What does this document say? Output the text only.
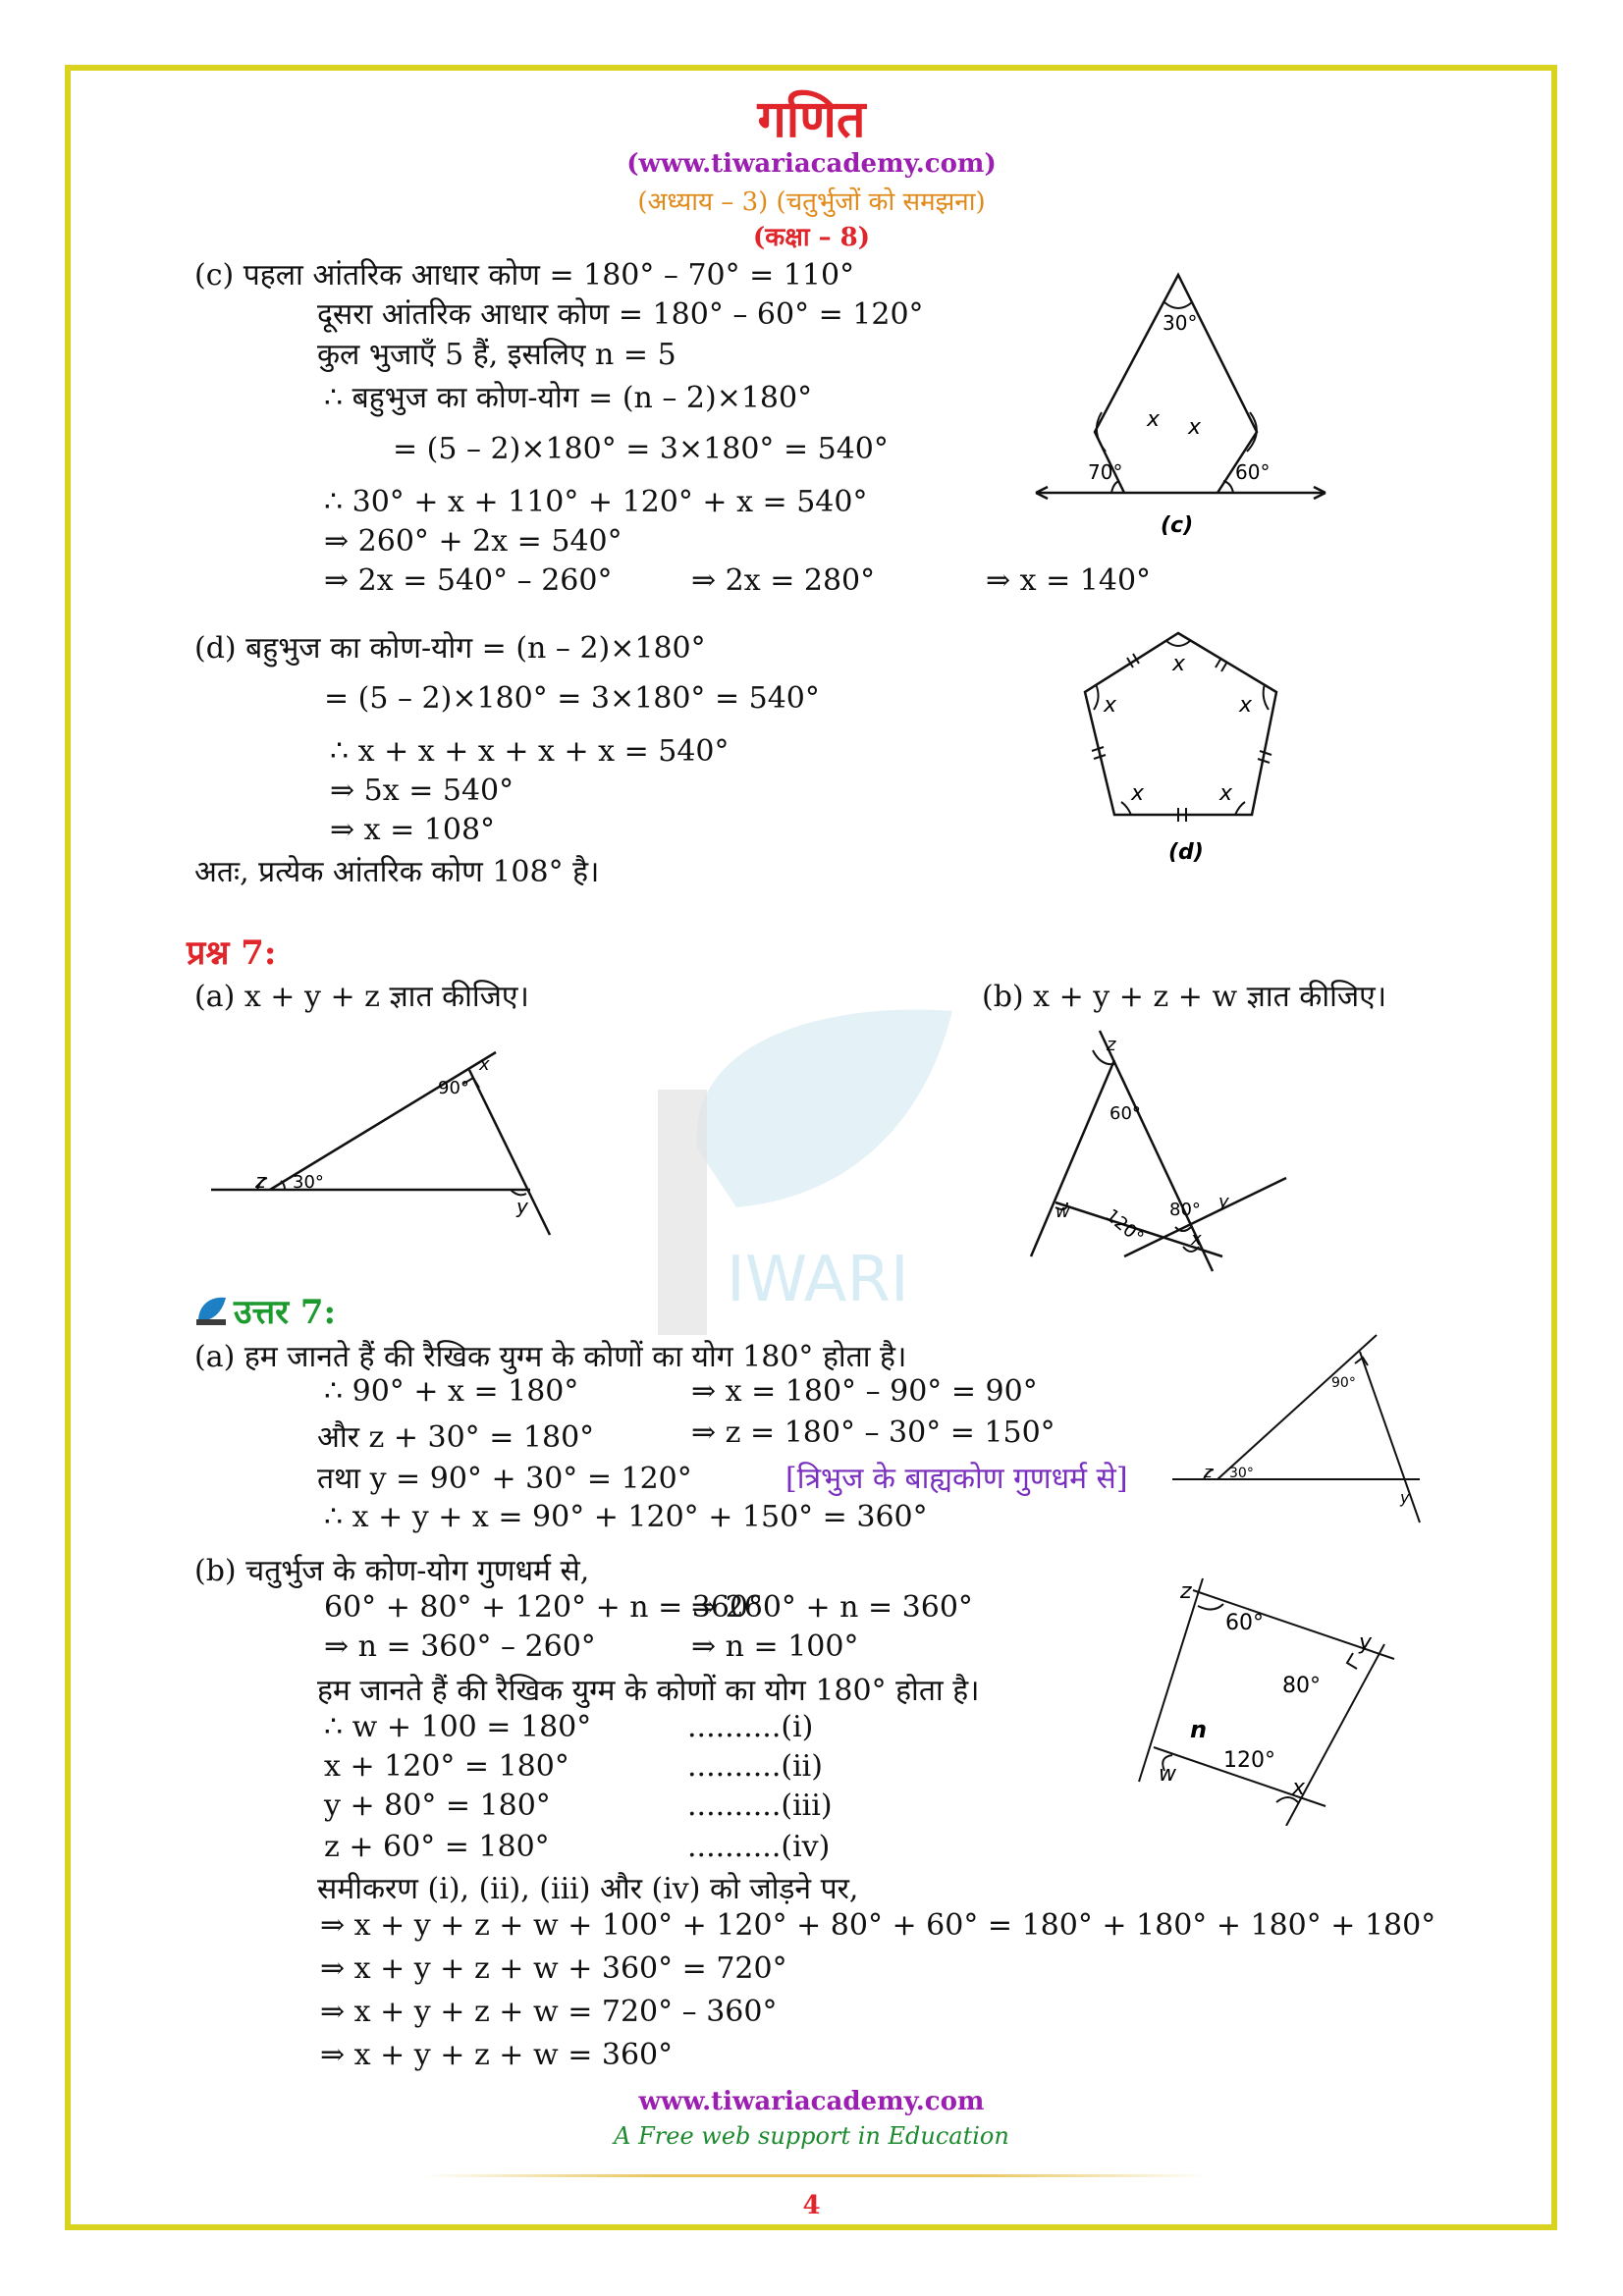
IWARI
गणित
(www.tiwariacademy.com)
(अध्याय – 3) (चतुर्भुजों को समझना)
(कक्षा – 8)
(c) पहला आंतरिक आधार कोण = 180° – 70° = 110°
दूसरा आंतरिक आधार कोण = 180° – 60° = 120°
कुल भुजाएँ 5 हैं, इसलिए n = 5
∴ बहुभुज का कोण-योग = (n – 2)×180°
= (5 – 2)×180° = 3×180° = 540°
∴ 30° + x + 110° + 120° + x = 540°
⇒ 260° + 2x = 540°
⇒ 2x = 540° – 260°	⇒ 2x = 280°	⇒ x = 140°
30°
x x
70°	60°
(c)
(d) बहुभुज का कोण-योग = (n – 2)×180°
= (5 – 2)×180° = 3×180° = 540°
∴ x + x + x + x + x = 540°
⇒ 5x = 540°
⇒ x = 108°
अतः, प्रत्येक आंतरिक कोण 108° है।
x
x	x
x	x
(d)
प्रश्न 7:
(a) x + y + z ज्ञात कीजिए।	(b) x + y + z + w ज्ञात कीजिए।
90°
30°
z
x
y
z
60°
120° 80°
w
x
y
उत्तर 7:
(a) हम जानते हैं की रैखिक युग्म के कोणों का योग 180° होता है।
∴ 90° + x = 180°	⇒ x = 180° – 90° = 90°
और z + 30° = 180°	⇒ z = 180° – 30° = 150°
तथा y = 90° + 30° = 120°	[त्रिभुज के बाह्यकोण गुणधर्म से]
∴ x + y + x = 90° + 120° + 150° = 360°
90°
30°
z
y
(b) चतुर्भुज के कोण-योग गुणधर्म से,
60° + 80° + 120° + n = 360°
⇒ 260° + n = 360°
⇒ n = 360° – 260°	⇒ n = 100°
हम जानते हैं की रैखिक युग्म के कोणों का योग 180° होता है।
∴ w + 100 = 180°	..........(i)
x + 120° = 180°	..........(ii)
y + 80° = 180°	..........(iii)
z + 60° = 180°	..........(iv)
समीकरण (i), (ii), (iii) और (iv) को जोड़ने पर,
⇒ x + y + z + w + 100° + 120° + 80° + 60° = 180° + 180° + 180° + 180°
⇒ x + y + z + w + 360° = 720°
⇒ x + y + z + w = 720° – 360°
⇒ x + y + z + w = 360°
z
60°
y
80°
n
120°
w
x
www.tiwariacademy.com
A Free web support in Education
4
